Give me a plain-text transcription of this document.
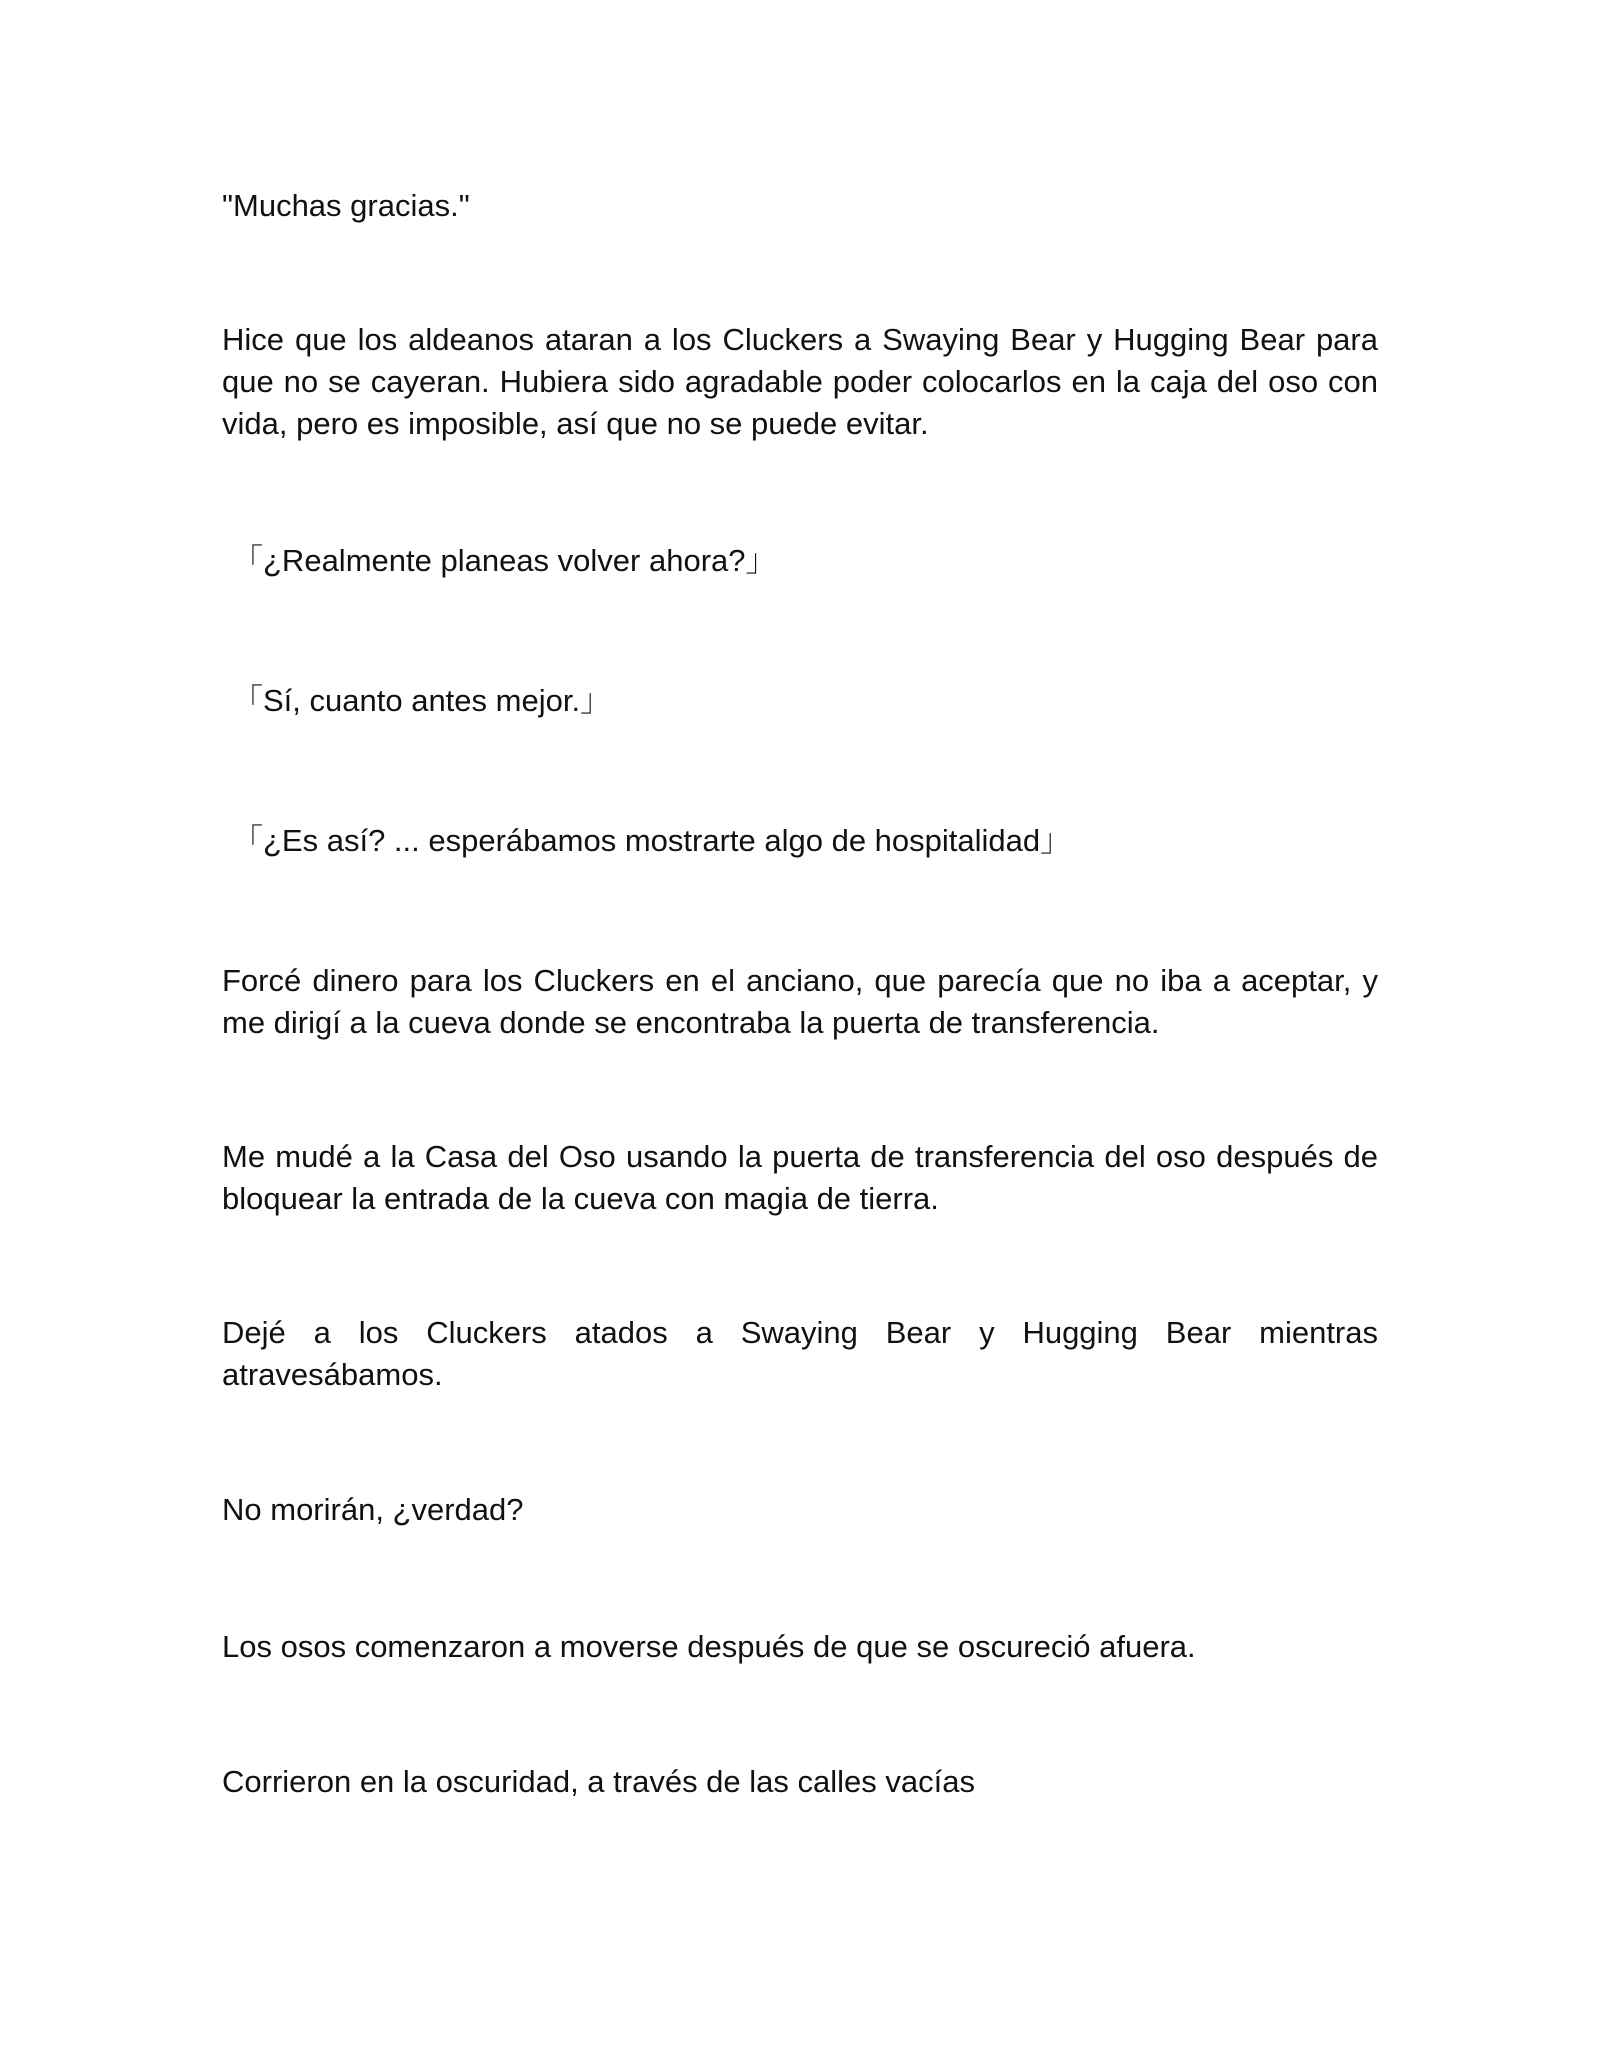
"Muchas gracias."

Hice que los aldeanos ataran a los Cluckers a Swaying Bear y Hugging Bear para que no se cayeran. Hubiera sido agradable poder colocarlos en la caja del oso con vida, pero es imposible, así que no se puede evitar.

「¿Realmente planeas volver ahora?」

「Sí, cuanto antes mejor.」

「¿Es así? ... esperábamos mostrarte algo de hospitalidad」

Forcé dinero para los Cluckers en el anciano, que parecía que no iba a aceptar, y me dirigí a la cueva donde se encontraba la puerta de transferencia.

Me mudé a la Casa del Oso usando la puerta de transferencia del oso después de bloquear la entrada de la cueva con magia de tierra.

Dejé a los Cluckers atados a Swaying Bear y Hugging Bear mientras atravesábamos.

No morirán, ¿verdad?

Los osos comenzaron a moverse después de que se oscureció afuera.

Corrieron en la oscuridad, a través de las calles vacías
